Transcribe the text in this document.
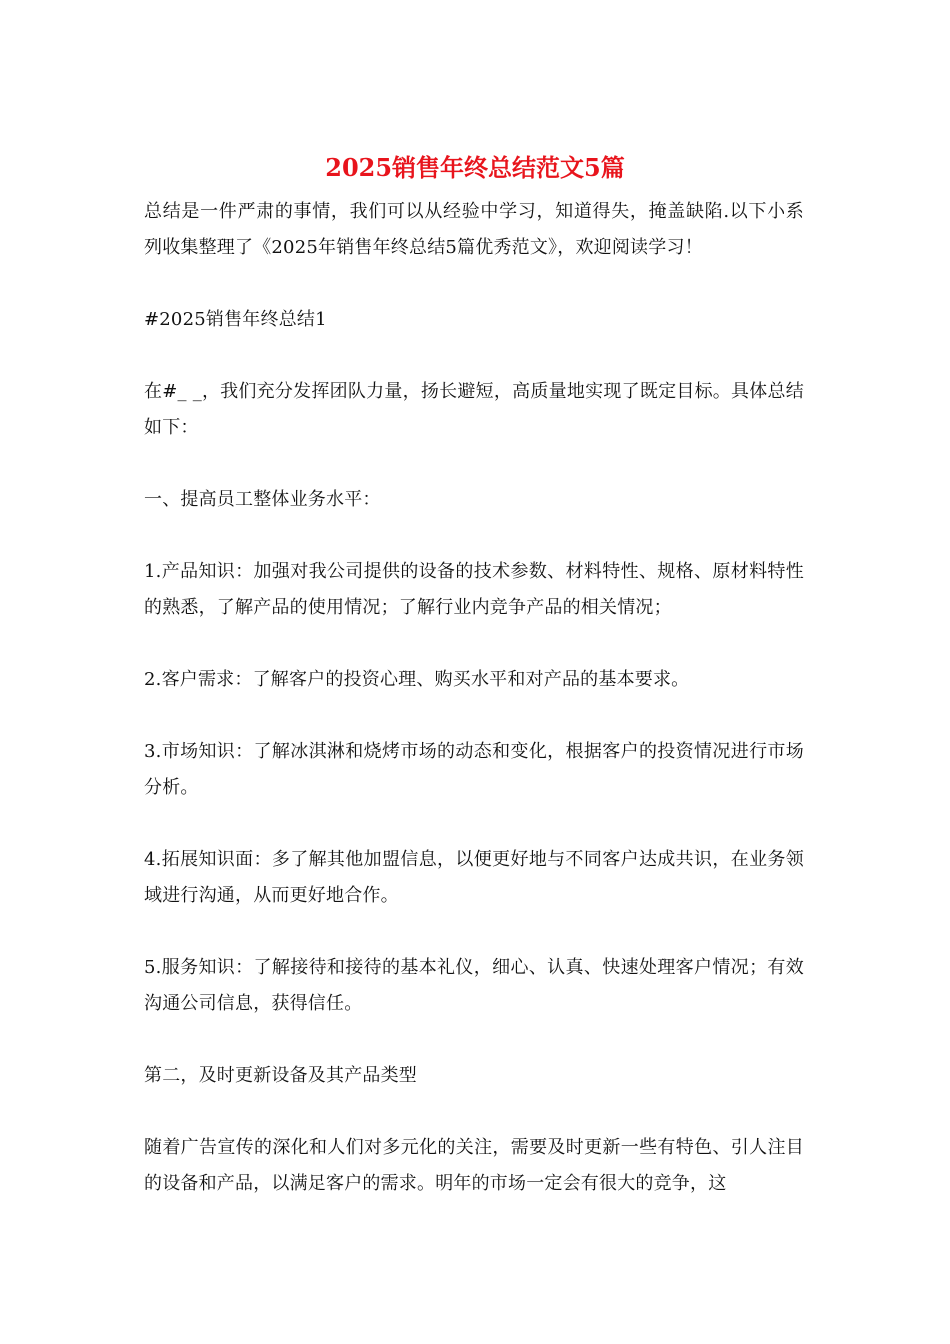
2025销售年终总结范文5篇

总结是一件严肃的事情，我们可以从经验中学习，知道得失，掩盖缺陷.以下小系列收集整理了《2025年销售年终总结5篇优秀范文》，欢迎阅读学习！

#2025销售年终总结1

在#_ _，我们充分发挥团队力量，扬长避短，高质量地实现了既定目标。具体总结如下：

一、提高员工整体业务水平：

1.产品知识：加强对我公司提供的设备的技术参数、材料特性、规格、原材料特性的熟悉，了解产品的使用情况；了解行业内竞争产品的相关情况；

2.客户需求：了解客户的投资心理、购买水平和对产品的基本要求。

3.市场知识：了解冰淇淋和烧烤市场的动态和变化，根据客户的投资情况进行市场分析。

4.拓展知识面：多了解其他加盟信息，以便更好地与不同客户达成共识，在业务领域进行沟通，从而更好地合作。

5.服务知识：了解接待和接待的基本礼仪，细心、认真、快速处理客户情况；有效沟通公司信息，获得信任。

第二，及时更新设备及其产品类型

随着广告宣传的深化和人们对多元化的关注，需要及时更新一些有特色、引人注目的设备和产品，以满足客户的需求。明年的市场一定会有很大的竞争，这
